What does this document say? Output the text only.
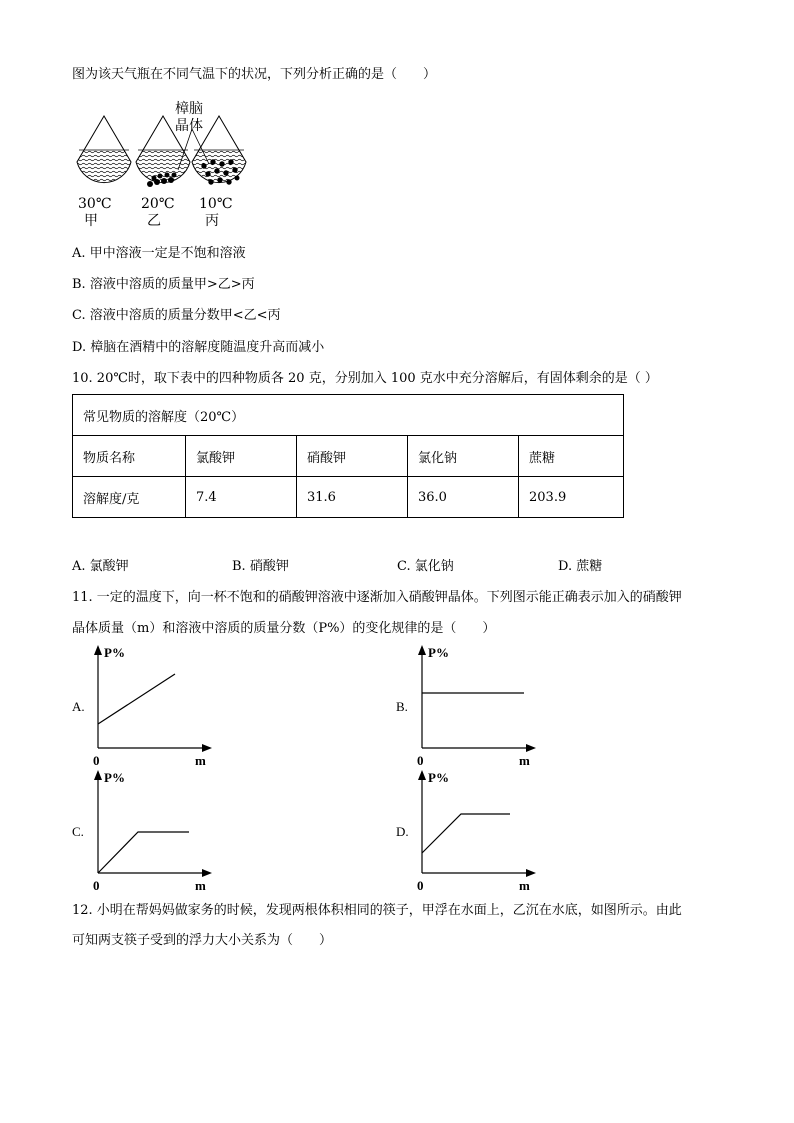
图为该天气瓶在不同气温下的状况，下列分析正确的是（　　）
樟脑
晶体
30℃
甲
20℃
乙
10℃
丙
A. 甲中溶液一定是不饱和溶液
B. 溶液中溶质的质量甲>乙>丙
C. 溶液中溶质的质量分数甲<乙<丙
D. 樟脑在酒精中的溶解度随温度升高而减小
10. 20℃时，取下表中的四种物质各 20 克，分别加入 100 克水中充分溶解后，有固体剩余的是（ ）
常见物质的溶解度（20℃）				
物质名称	氯酸钾	硝酸钾	氯化钠	蔗糖
溶解度/克	7.4	31.6	36.0	203.9
A. 氯酸钾	B. 硝酸钾	C. 氯化钠	D. 蔗糖
11. 一定的温度下，向一杯不饱和的硝酸钾溶液中逐渐加入硝酸钾晶体。下列图示能正确表示加入的硝酸钾
晶体质量（m）和溶液中溶质的质量分数（P%）的变化规律的是（　　）
A.
P%
0	m
B.
P%
0	m
C.
P%
0	m
D.
P%
0	m
12. 小明在帮妈妈做家务的时候，发现两根体积相同的筷子，甲浮在水面上，乙沉在水底，如图所示。由此
可知两支筷子受到的浮力大小关系为（　　）
